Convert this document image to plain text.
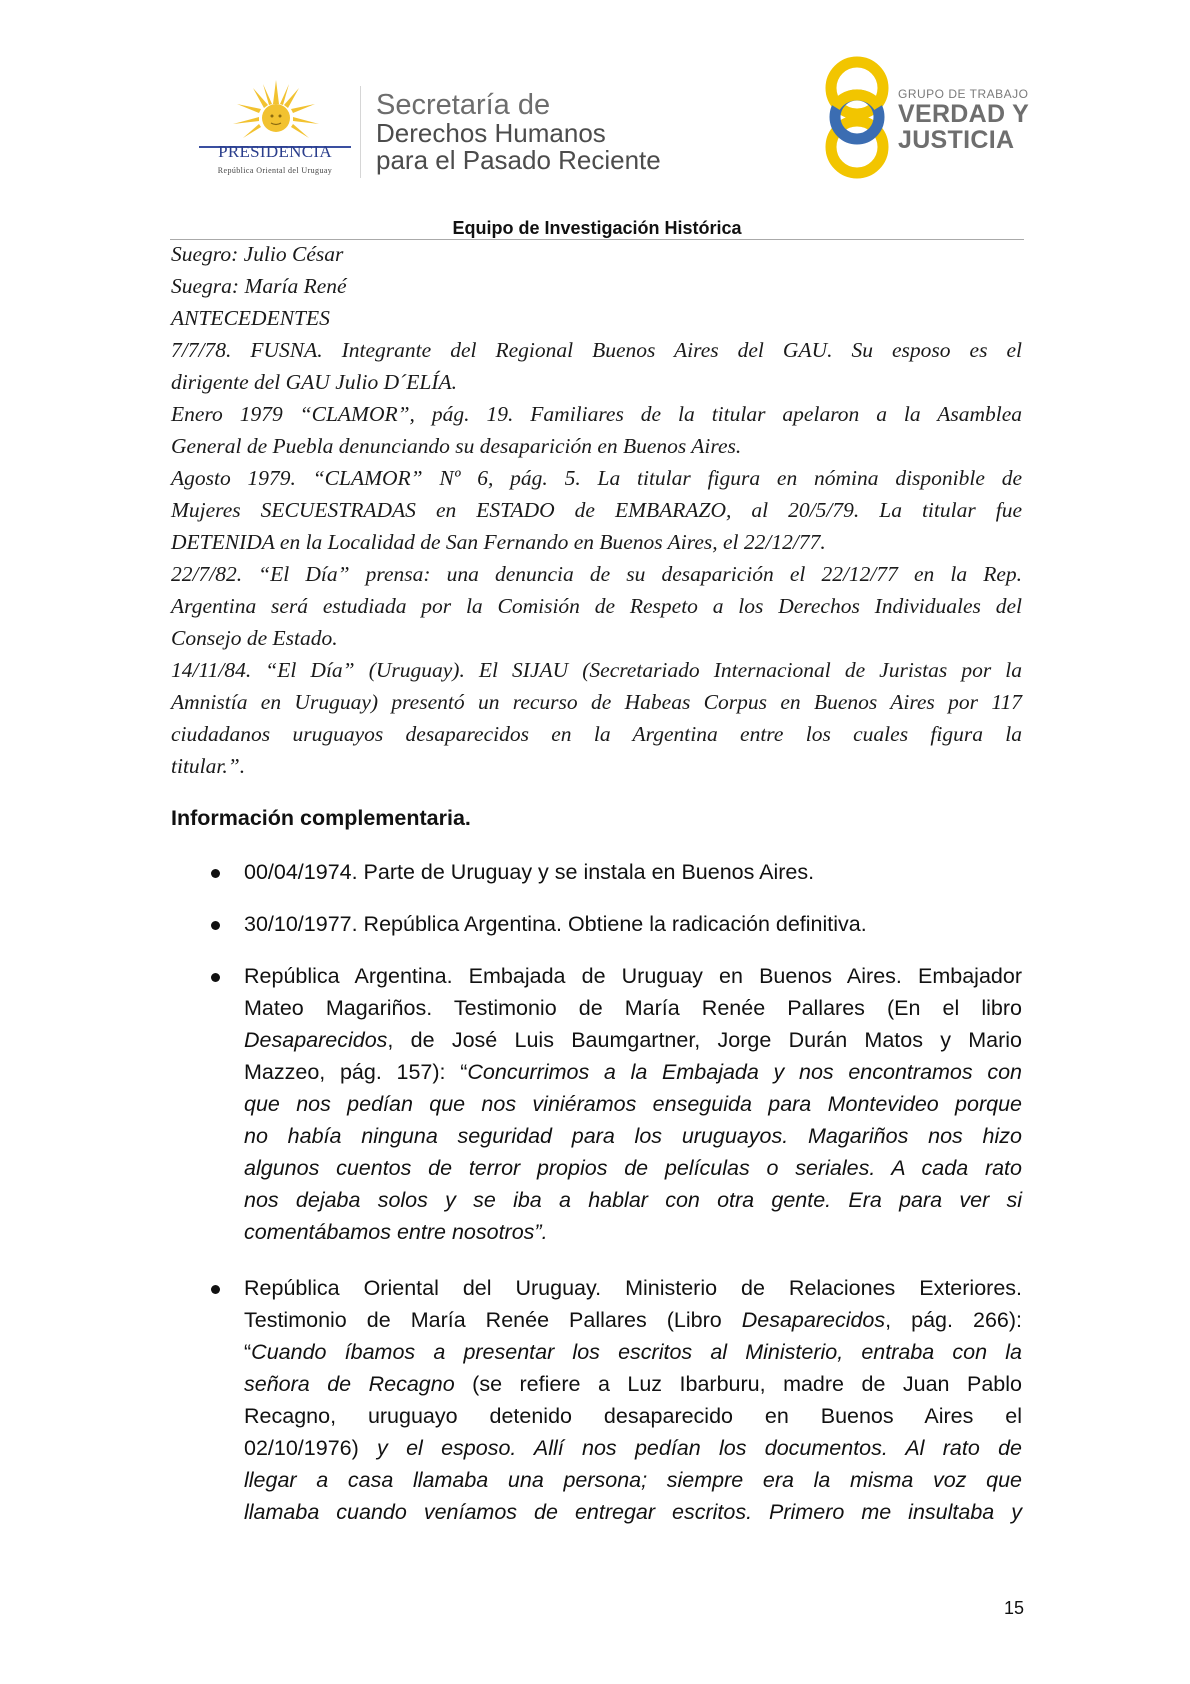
PRESIDENCIA
República Oriental del Uruguay
Secretaría de
Derechos Humanos
para el Pasado Reciente
GRUPO DE TRABAJO
VERDAD Y
JUSTICIA
Equipo de Investigación Histórica
Suegro: Julio César
Suegra: María René
ANTECEDENTES
7/7/78. FUSNA. Integrante del Regional Buenos Aires del GAU. Su esposo es el
dirigente del GAU Julio D´ELÍA.
Enero 1979 “CLAMOR”, pág. 19. Familiares de la titular apelaron a la Asamblea
General de Puebla denunciando su desaparición en Buenos Aires.
Agosto 1979. “CLAMOR” Nº 6, pág. 5. La titular figura en nómina disponible de
Mujeres SECUESTRADAS en ESTADO de EMBARAZO, al 20/5/79. La titular fue
DETENIDA en la Localidad de San Fernando en Buenos Aires, el 22/12/77.
22/7/82. “El Día” prensa: una denuncia de su desaparición el 22/12/77 en la Rep.
Argentina será estudiada por la Comisión de Respeto a los Derechos Individuales del
Consejo de Estado.
14/11/84. “El Día” (Uruguay). El SIJAU (Secretariado Internacional de Juristas por la
Amnistía en Uruguay) presentó un recurso de Habeas Corpus en Buenos Aires por 117
ciudadanos uruguayos desaparecidos en la Argentina entre los cuales figura la
titular.”.
Información complementaria.
00/04/1974. Parte de Uruguay y se instala en Buenos Aires.
30/10/1977. República Argentina. Obtiene la radicación definitiva.
República Argentina. Embajada de Uruguay en Buenos Aires. Embajador
Mateo Magariños. Testimonio de María Renée Pallares (En el libro
Desaparecidos, de José Luis Baumgartner, Jorge Durán Matos y Mario
Mazzeo, pág. 157): “Concurrimos a la Embajada y nos encontramos con
que nos pedían que nos viniéramos enseguida para Montevideo porque
no había ninguna seguridad para los uruguayos. Magariños nos hizo
algunos cuentos de terror propios de películas o seriales. A cada rato
nos dejaba solos y se iba a hablar con otra gente. Era para ver si
comentábamos entre nosotros”.
República Oriental del Uruguay. Ministerio de Relaciones Exteriores.
Testimonio de María Renée Pallares (Libro Desaparecidos, pág. 266):
“Cuando íbamos a presentar los escritos al Ministerio, entraba con la
señora de Recagno (se refiere a Luz Ibarburu, madre de Juan Pablo
Recagno, uruguayo detenido desaparecido en Buenos Aires el
02/10/1976) y el esposo. Allí nos pedían los documentos. Al rato de
llegar a casa llamaba una persona; siempre era la misma voz que
llamaba cuando veníamos de entregar escritos. Primero me insultaba y
15
